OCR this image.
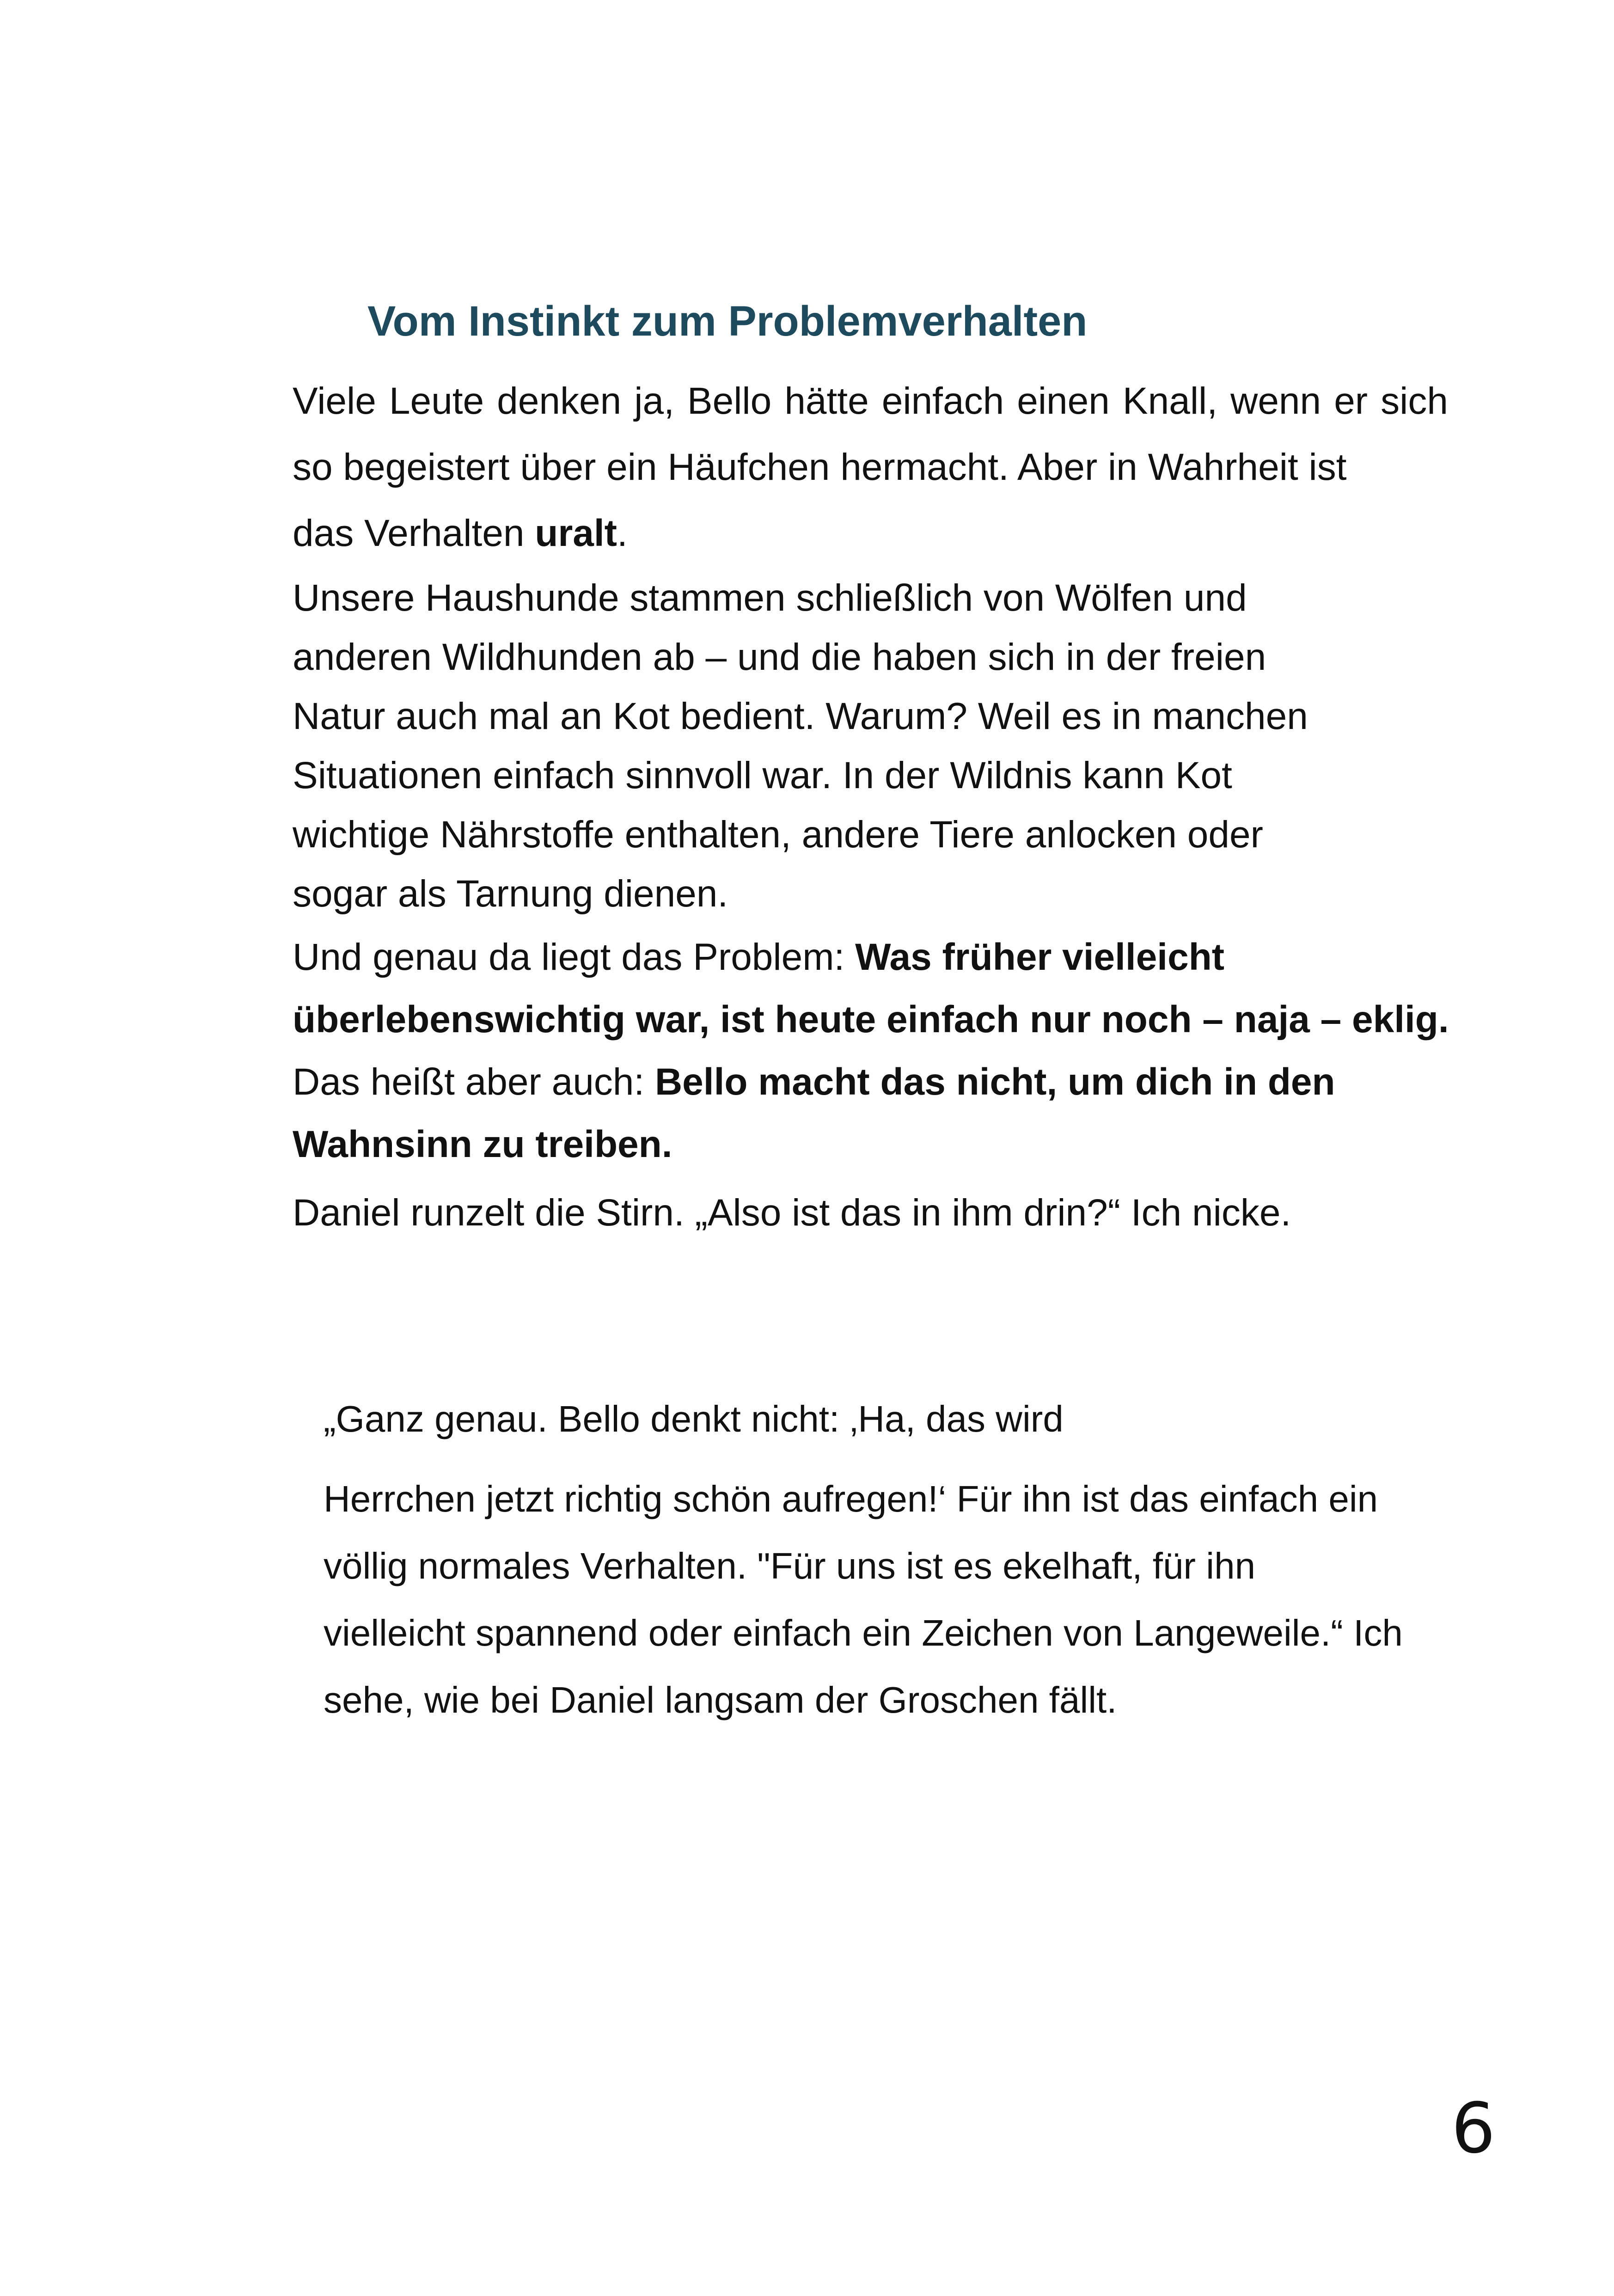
Vom Instinkt zum Problemverhalten

Viele Leute denken ja, Bello hätte einfach einen Knall, wenn er sich so begeistert über ein Häufchen hermacht. Aber in Wahrheit ist
das Verhalten uralt.

Unsere Haushunde stammen schließlich von Wölfen und
anderen Wildhunden ab – und die haben sich in der freien
Natur auch mal an Kot bedient. Warum? Weil es in manchen
Situationen einfach sinnvoll war. In der Wildnis kann Kot
wichtige Nährstoffe enthalten, andere Tiere anlocken oder
sogar als Tarnung dienen.

Und genau da liegt das Problem: Was früher vielleicht
überlebenswichtig war, ist heute einfach nur noch – naja – eklig.
Das heißt aber auch: Bello macht das nicht, um dich in den
Wahnsinn zu treiben.

Daniel runzelt die Stirn. „Also ist das in ihm drin?“ Ich nicke.

„Ganz genau. Bello denkt nicht: ‚Ha, das wird

Herrchen jetzt richtig schön aufregen!‘ Für ihn ist das einfach ein
völlig normales Verhalten. "Für uns ist es ekelhaft, für ihn
vielleicht spannend oder einfach ein Zeichen von Langeweile.“ Ich
sehe, wie bei Daniel langsam der Groschen fällt.

6
